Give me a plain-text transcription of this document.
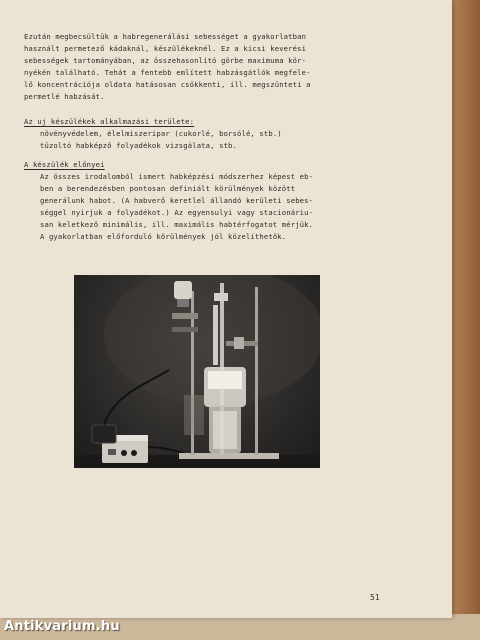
Ezután megbecsültük a habregenerálási sebességet a gyakorlatban
használt permetező kádaknál, készülékeknél. Ez a kicsi keverési
sebességek tartományában, az összehasonlító görbe maximuma kör-
nyékén található. Tehát a fentebb említett habzásgátlók megfele-
lő koncentrációja oldata hatásosan csökkenti, ill. megszünteti a
permetlé habzását.
Az uj készülékek alkalmazási területe:
növényvédelem, élelmiszeripar (cukorlé, borsólé, stb.)
tüzoltó habképző folyadékok vizsgálata, stb.
A készülék előnyei
Az összes irodalomból ismert habképzési módszerhez képest eb-
ben a berendezésben pontosan definiált körülmények között
generálunk habot. (A habverő keretlel állandó kerületi sebes-
séggel nyirjuk a folyadékot.) Az egyensulyi vagy stacionáriu-
san keletkező minimális, ill. maximális habtérfogatot mérjük.
A gyakorlatban előforduló körülmények jól közelíthetők.
51
Antikvarium.hu
